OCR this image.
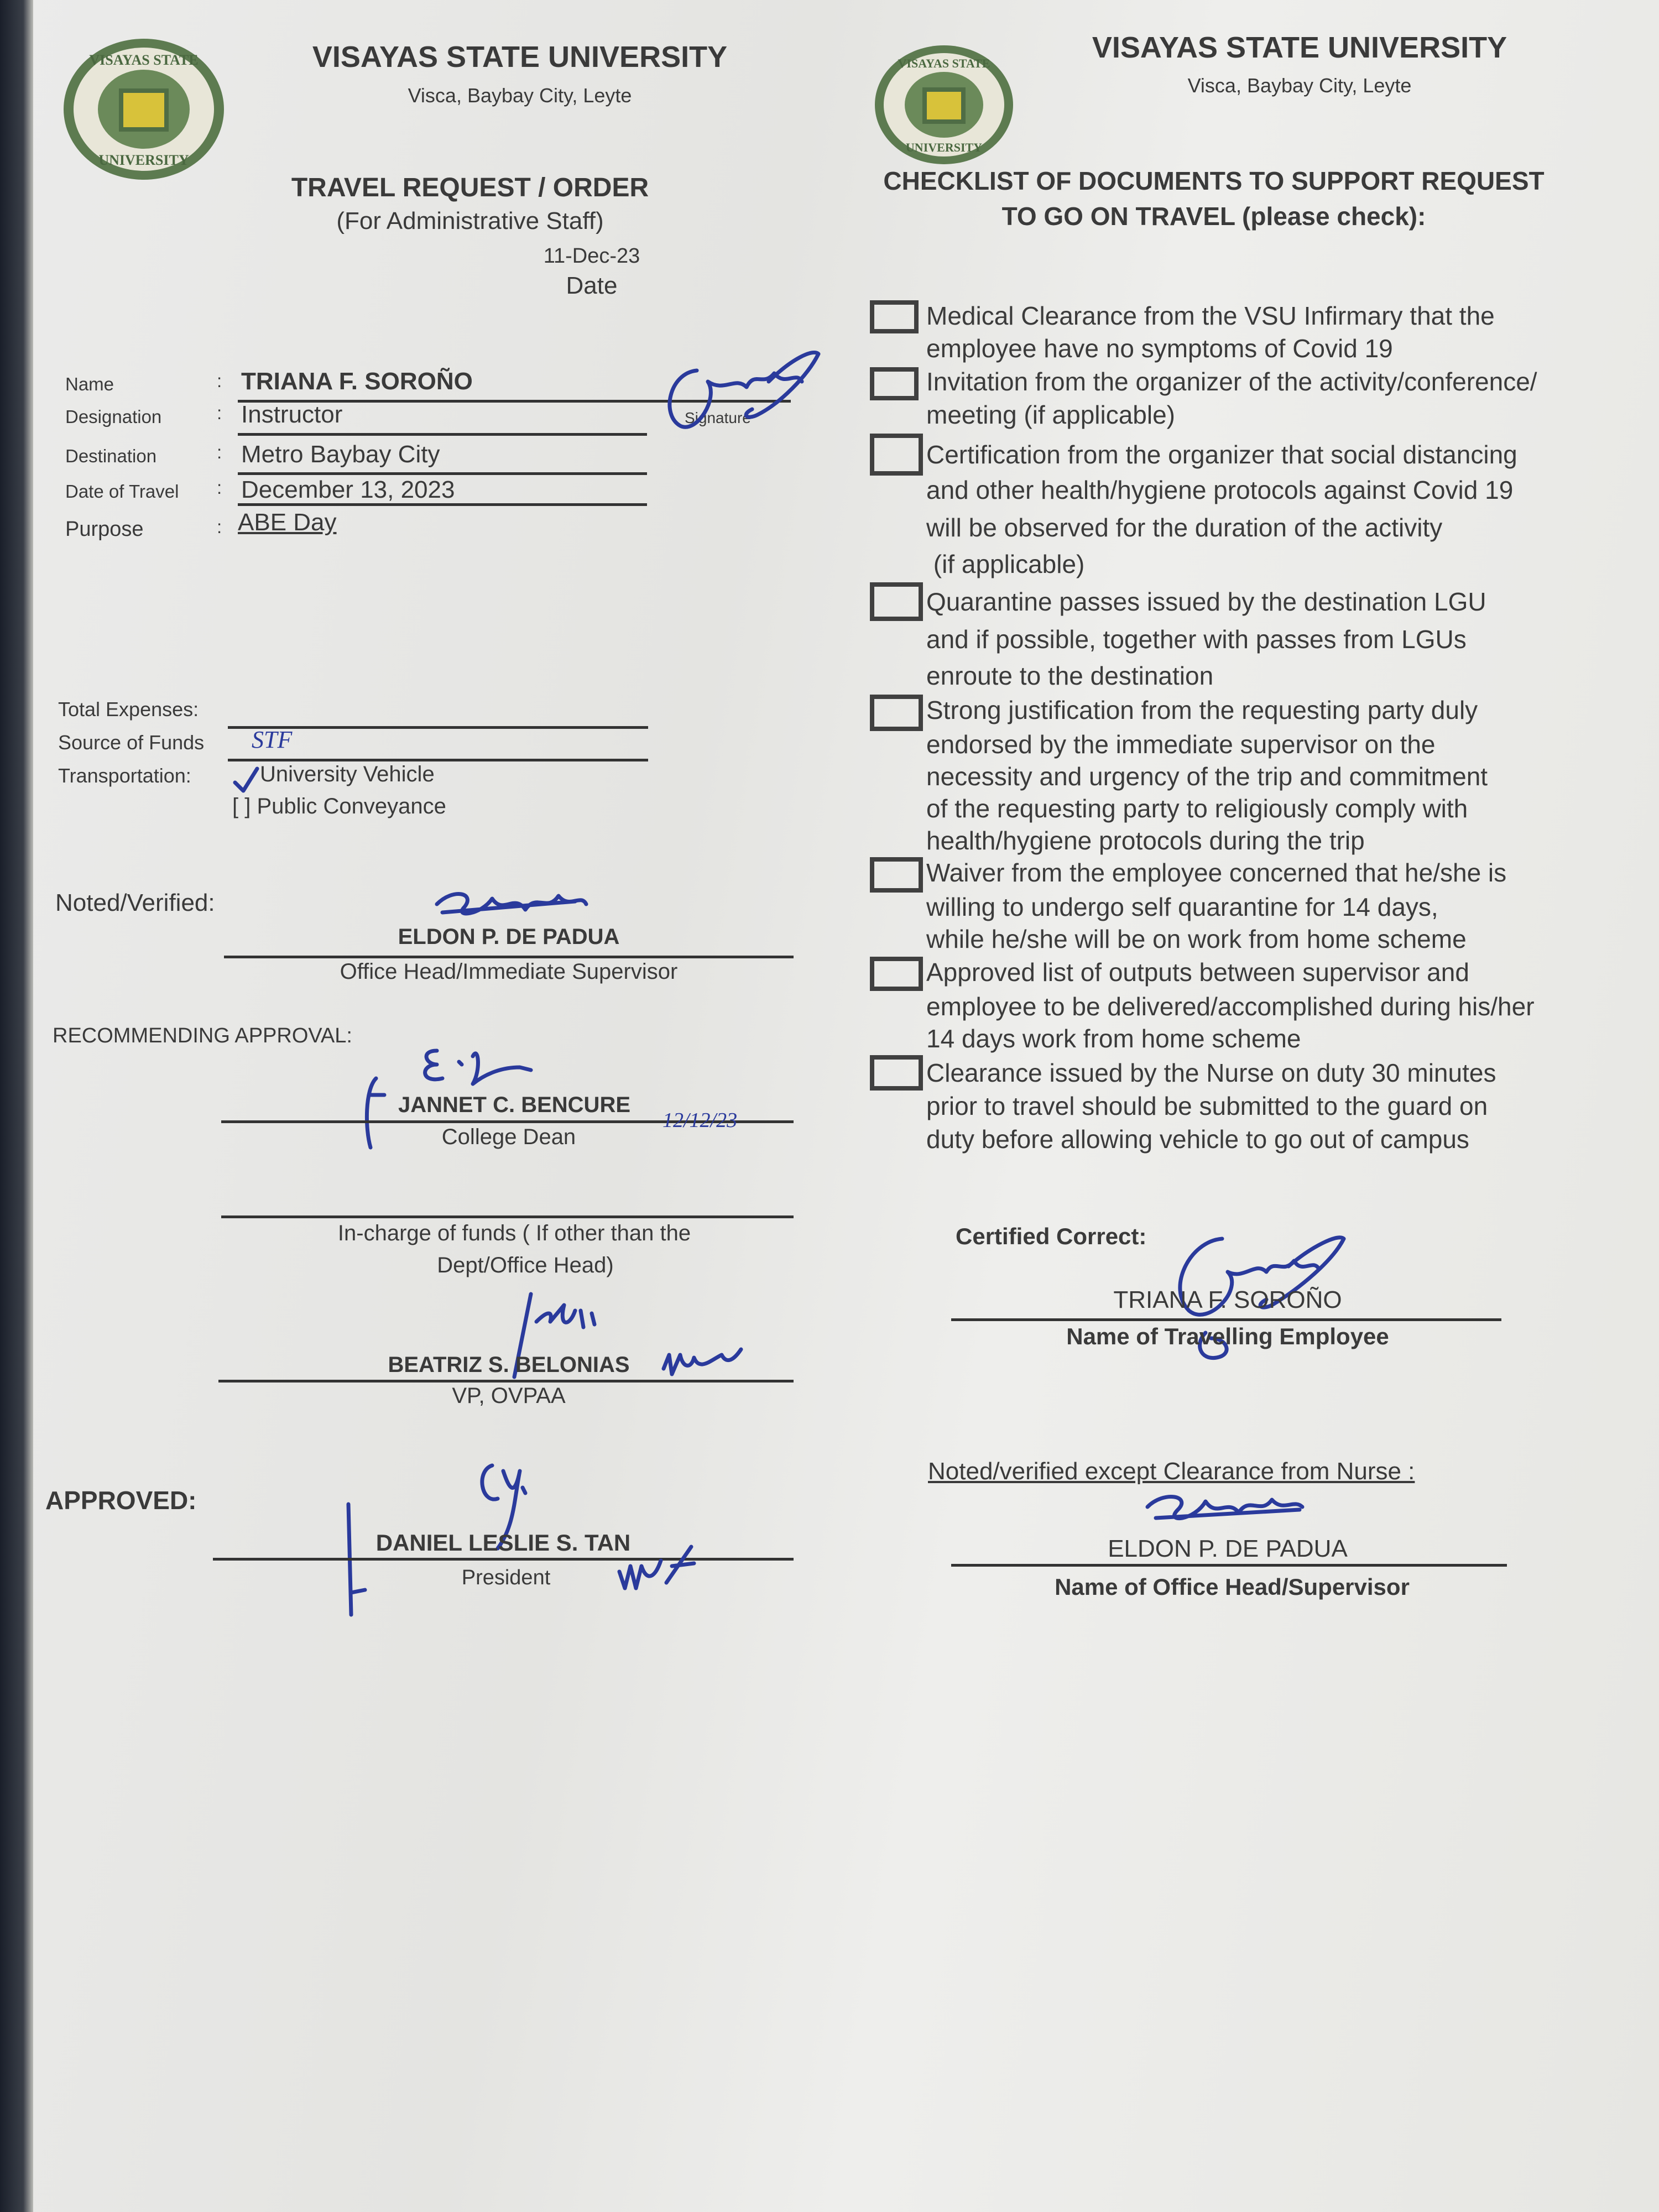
VISAYAS STATE
UNIVERSITY
VISAYAS STATE UNIVERSITY
Visca, Baybay City, Leyte
TRAVEL REQUEST / ORDER
(For Administrative Staff)
11-Dec-23
Date
Name	: TRIANA F. SOROÑO
Designation	: Instructor
Destination	: Metro Baybay City
Date of Travel : December 13, 2023
Purpose	: ABE Day
Signature
Total Expenses:
Source of Funds STF
Transportation:	University Vehicle
[ ] Public Conveyance
Noted/Verified:
ELDON P. DE PADUA
Office Head/Immediate Supervisor
RECOMMENDING APPROVAL:
JANNET C. BENCURE
College Dean
12/12/23
In-charge of funds ( If other than the
Dept/Office Head)
BEATRIZ S. BELONIAS
VP, OVPAA
APPROVED:
DANIEL LESLIE S. TAN
President
VISAYAS STATE
UNIVERSITY
VISAYAS STATE UNIVERSITY
Visca, Baybay City, Leyte
CHECKLIST OF DOCUMENTS TO SUPPORT REQUEST
TO GO ON TRAVEL (please check):
Medical Clearance from the VSU Infirmary that the
employee have no symptoms of Covid 19
Invitation from the organizer of the activity/conference/
meeting (if applicable)
Certification from the organizer that social distancing
and other health/hygiene protocols against Covid 19
will be observed for the duration of the activity
(if applicable)
Quarantine passes issued by the destination LGU
and if possible, together with passes from LGUs
enroute to the destination
Strong justification from the requesting party duly
endorsed by the immediate supervisor on the
necessity and urgency of the trip and commitment
of the requesting party to religiously comply with
health/hygiene protocols during the trip
Waiver from the employee concerned that he/she is
willing to undergo self quarantine for 14 days,
while he/she will be on work from home scheme
Approved list of outputs between supervisor and
employee to be delivered/accomplished during his/her
14 days work from home scheme
Clearance issued by the Nurse on duty 30 minutes
prior to travel should be submitted to the guard on
duty before allowing vehicle to go out of campus
Certified Correct:
TRIANA F. SOROÑO
Name of Travelling Employee
Noted/verified except Clearance from Nurse :
ELDON P. DE PADUA
Name of Office Head/Supervisor
